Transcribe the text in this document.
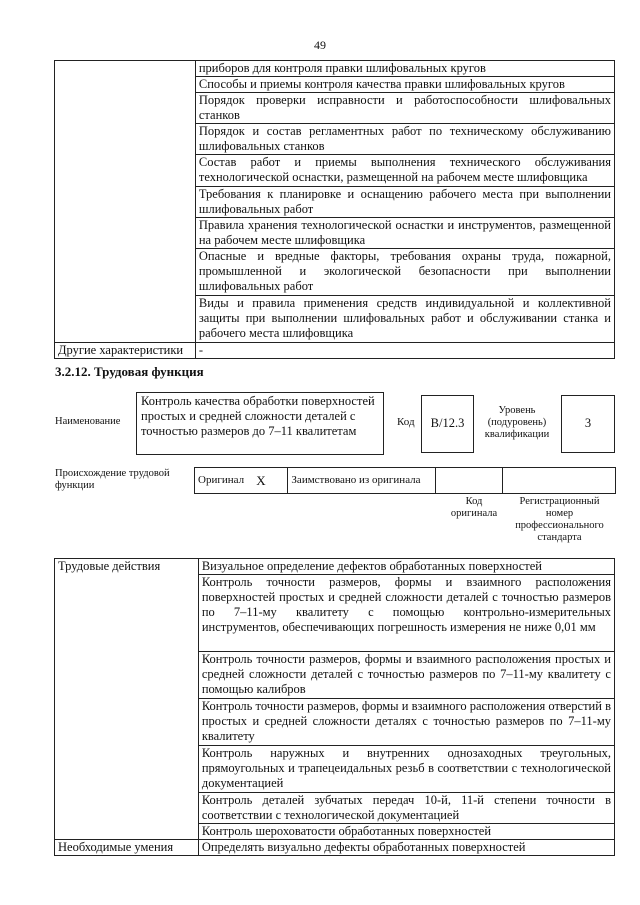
49
	приборов для контроля правки шлифовальных кругов
	Способы и приемы контроля качества правки шлифовальных кругов
	Порядок проверки исправности и работоспособности шлифовальных станков
	Порядок и состав регламентных работ по техническому обслуживанию шлифовальных станков
	Состав работ и приемы выполнения технического обслуживания технологической оснастки, размещенной на рабочем месте шлифовщика
	Требования к планировке и оснащению рабочего места при выполнении шлифовальных работ
	Правила хранения технологической оснастки и инструментов, размещенной на рабочем месте шлифовщика
	Опасные и вредные факторы, требования охраны труда, пожарной, промышленной и экологической безопасности при выполнении шлифовальных работ
	Виды и правила применения средств индивидуальной и коллективной защиты при выполнении шлифовальных работ и обслуживании станка и рабочего места шлифовщика
Другие характеристики	-
3.2.12. Трудовая функция
Наименование
Контроль качества обработки поверхностей простых и средней сложности деталей с точностью размеров до 7–11 квалитетам
Код	B/12.3
Уровень (подуровень) квалификации
3
Происхождение трудовой функции	Оригинал	X	Заимствовано из оригинала		
Код оригинала
Регистрационный номер профессионального стандарта
Трудовые действия	Визуальное определение дефектов обработанных поверхностей
	Контроль точности размеров, формы и взаимного расположения поверхностей простых и средней сложности деталей с точностью размеров по 7–11-му квалитету с помощью контрольно-измерительных инструментов, обеспечивающих погрешность измерения не ниже 0,01 мм
	Контроль точности размеров, формы и взаимного расположения простых и средней сложности деталей с точностью размеров по 7–11-му квалитету с помощью калибров
	Контроль точности размеров, формы и взаимного расположения отверстий в простых и средней сложности деталях с точностью размеров по 7–11-му квалитету
	Контроль наружных и внутренних однозаходных треугольных, прямоугольных и трапецеидальных резьб в соответствии с технологической документацией
	Контроль деталей зубчатых передач 10-й, 11-й степени точности в соответствии с технологической документацией
	Контроль шероховатости обработанных поверхностей
Необходимые умения	Определять визуально дефекты обработанных поверхностей
